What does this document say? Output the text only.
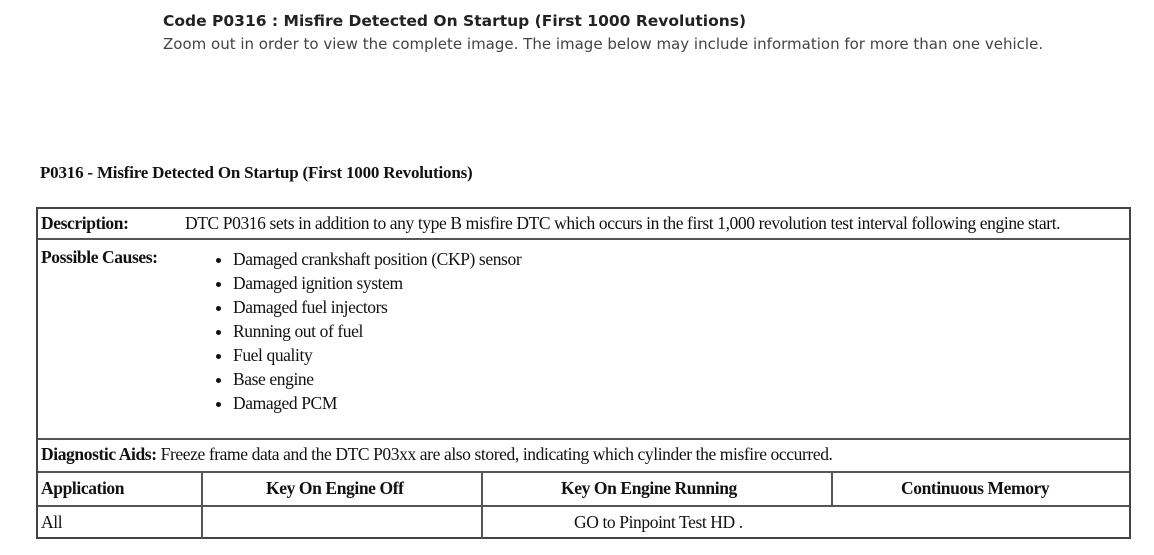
Code P0316 : Misfire Detected On Startup (First 1000 Revolutions)
Zoom out in order to view the complete image. The image below may include information for more than one vehicle.
P0316 - Misfire Detected On Startup (First 1000 Revolutions)
Description:	DTC P0316 sets in addition to any type B misfire DTC which occurs in the first 1,000 revolution test interval following engine start.
Possible Causes:
•	Damaged crankshaft position (CKP) sensor
• Damaged ignition system
• Damaged fuel injectors
• Running out of fuel
• Fuel quality
• Base engine
• Damaged PCM
Diagnostic Aids: Freeze frame data and the DTC P03xx are also stored, indicating which cylinder the misfire occurred.
Application	Key On Engine Off	Key On Engine Running	Continuous Memory
All	GO to Pinpoint Test HD .
